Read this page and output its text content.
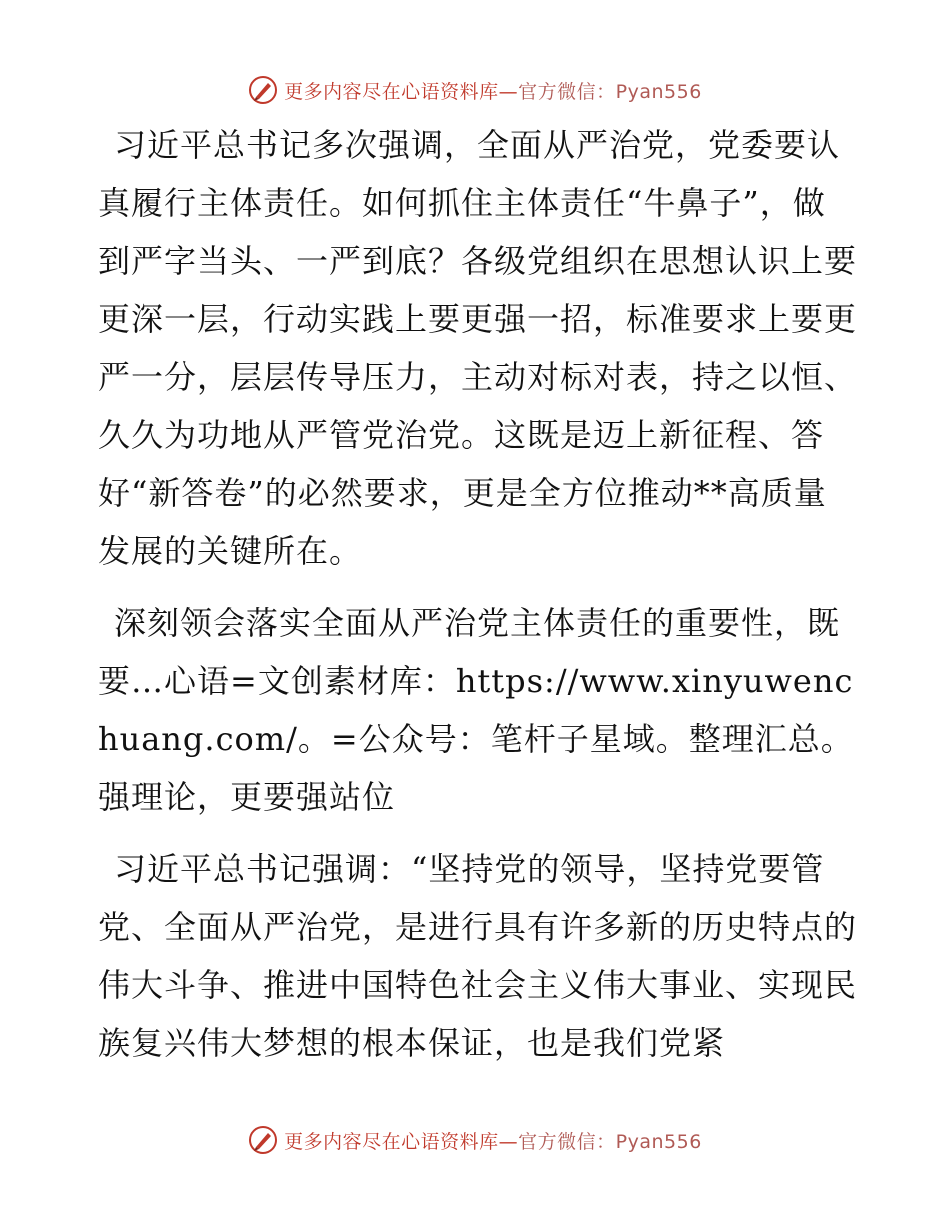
更多内容尽在心语资料库—官方微信：Pyan556

习近平总书记多次强调，全面从严治党，党委要认真履行主体责任。如何抓住主体责任“牛鼻子”，做到严字当头、一严到底？各级党组织在思想认识上要更深一层，行动实践上要更强一招，标准要求上要更严一分，层层传导压力，主动对标对表，持之以恒、久久为功地从严管党治党。这既是迈上新征程、答好“新答卷”的必然要求，更是全方位推动**高质量发展的关键所在。

深刻领会落实全面从严治党主体责任的重要性，既要…心语=文创素材库：https://www.xinyuwenchuang.com/。=公众号：笔杆子星域。整理汇总。强理论，更要强站位

习近平总书记强调：“坚持党的领导，坚持党要管党、全面从严治党，是进行具有许多新的历史特点的伟大斗争、推进中国特色社会主义伟大事业、实现民族复兴伟大梦想的根本保证，也是我们党紧

更多内容尽在心语资料库—官方微信：Pyan556
